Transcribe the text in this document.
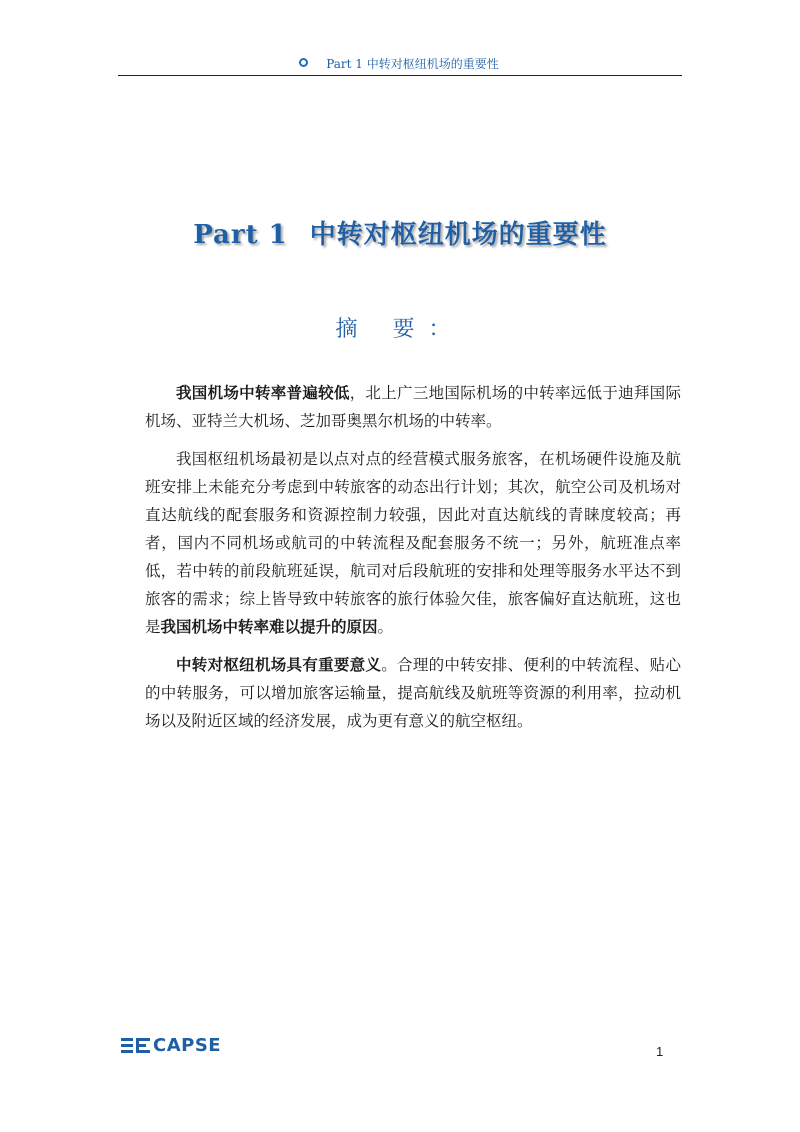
Part 1 中转对枢纽机场的重要性
Part 1 中转对枢纽机场的重要性
摘 要：

我国机场中转率普遍较低，北上广三地国际机场的中转率远低于迪拜国际机场、亚特兰大机场、芝加哥奥黑尔机场的中转率。

我国枢纽机场最初是以点对点的经营模式服务旅客，在机场硬件设施及航班安排上未能充分考虑到中转旅客的动态出行计划；其次，航空公司及机场对直达航线的配套服务和资源控制力较强，因此对直达航线的青睐度较高；再者，国内不同机场或航司的中转流程及配套服务不统一；另外，航班准点率低，若中转的前段航班延误，航司对后段航班的安排和处理等服务水平达不到旅客的需求；综上皆导致中转旅客的旅行体验欠佳，旅客偏好直达航班，这也是我国机场中转率难以提升的原因。

中转对枢纽机场具有重要意义。合理的中转安排、便利的中转流程、贴心的中转服务，可以增加旅客运输量，提高航线及航班等资源的利用率，拉动机场以及附近区域的经济发展，成为更有意义的航空枢纽。

CAPSE	1
